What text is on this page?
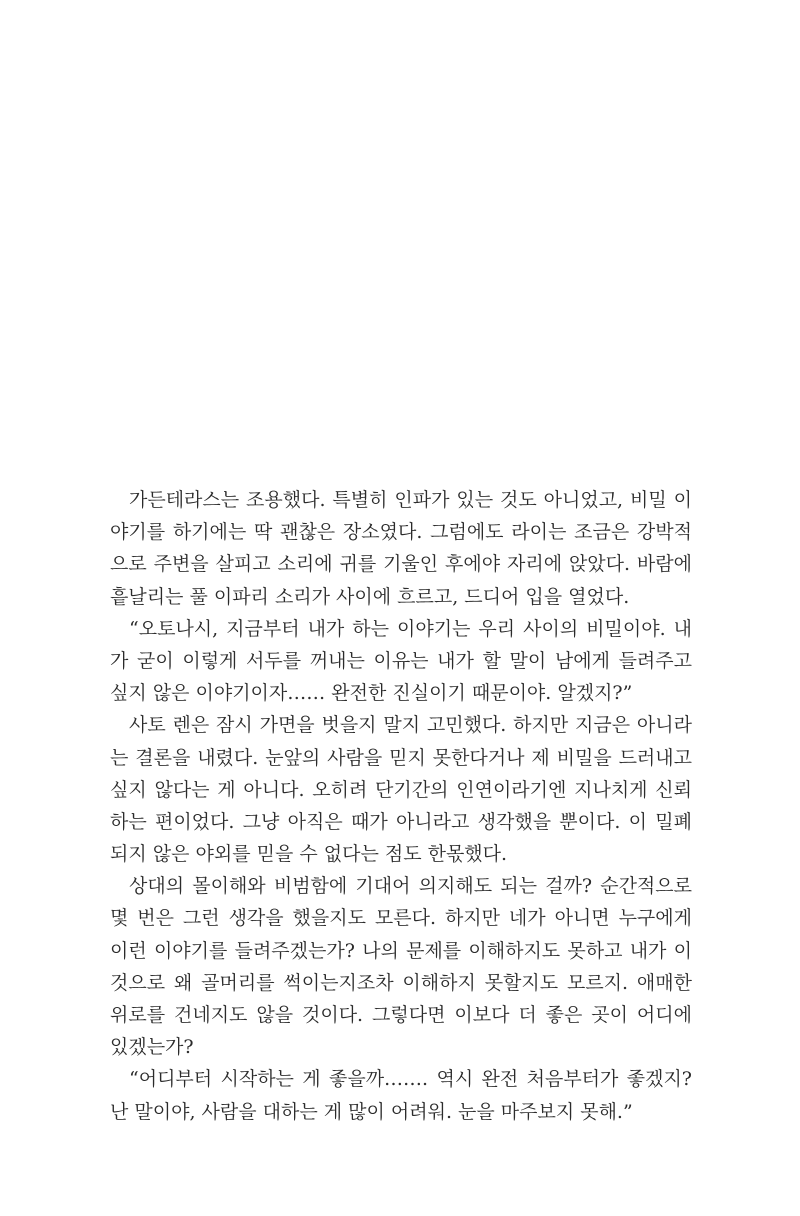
가든테라스는 조용했다. 특별히 인파가 있는 것도 아니었고, 비밀 이
야기를 하기에는 딱 괜찮은 장소였다. 그럼에도 라이는 조금은 강박적
으로 주변을 살피고 소리에 귀를 기울인 후에야 자리에 앉았다. 바람에
흩날리는 풀 이파리 소리가 사이에 흐르고, 드디어 입을 열었다.
“오토나시, 지금부터 내가 하는 이야기는 우리 사이의 비밀이야. 내
가 굳이 이렇게 서두를 꺼내는 이유는 내가 할 말이 남에게 들려주고
싶지 않은 이야기이자…… 완전한 진실이기 때문이야. 알겠지?”
사토 렌은 잠시 가면을 벗을지 말지 고민했다. 하지만 지금은 아니라
는 결론을 내렸다. 눈앞의 사람을 믿지 못한다거나 제 비밀을 드러내고
싶지 않다는 게 아니다. 오히려 단기간의 인연이라기엔 지나치게 신뢰
하는 편이었다. 그냥 아직은 때가 아니라고 생각했을 뿐이다. 이 밀폐
되지 않은 야외를 믿을 수 없다는 점도 한몫했다.
상대의 몰이해와 비범함에 기대어 의지해도 되는 걸까? 순간적으로
몇 번은 그런 생각을 했을지도 모른다. 하지만 네가 아니면 누구에게
이런 이야기를 들려주겠는가? 나의 문제를 이해하지도 못하고 내가 이
것으로 왜 골머리를 썩이는지조차 이해하지 못할지도 모르지. 애매한
위로를 건네지도 않을 것이다. 그렇다면 이보다 더 좋은 곳이 어디에
있겠는가?
“어디부터 시작하는 게 좋을까……. 역시 완전 처음부터가 좋겠지?
난 말이야, 사람을 대하는 게 많이 어려워. 눈을 마주보지 못해.”
